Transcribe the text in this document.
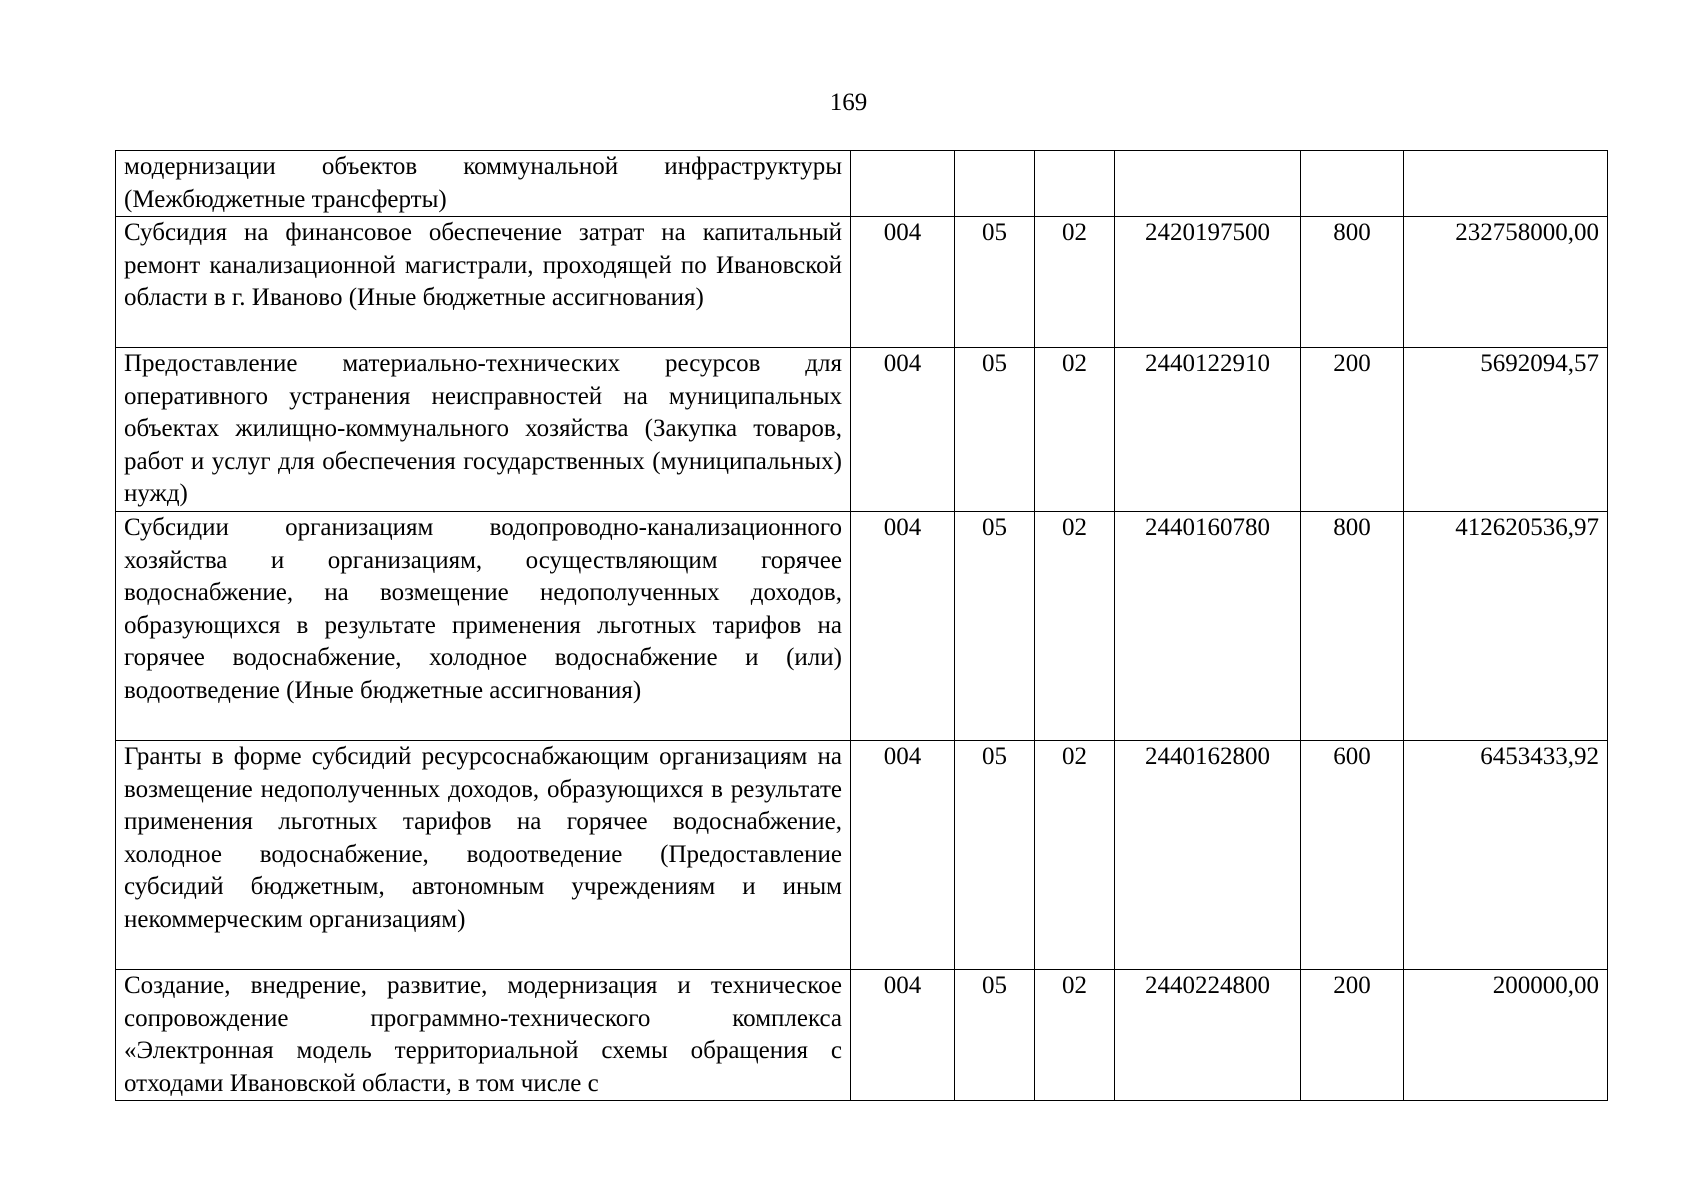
169
модернизации объектов коммунальной инфраструктуры (Межбюджетные трансферты)						
Субсидия на финансовое обеспечение затрат на капитальный ремонт канализационной магистрали, проходящей по Ивановской области в г. Иваново (Иные бюджетные ассигнования)	004	05	02	2420197500	800	232758000,00
Предоставление материально-технических ресурсов для оперативного устранения неисправностей на муниципальных объектах жилищно-коммунального хозяйства (Закупка товаров, работ и услуг для обеспечения государственных (муниципальных) нужд)	004	05	02	2440122910	200	5692094,57
Субсидии организациям водопроводно-канализационного хозяйства и организациям, осуществляющим горячее водоснабжение, на возмещение недополученных доходов, образующихся в результате применения льготных тарифов на горячее водоснабжение, холодное водоснабжение и (или) водоотведение (Иные бюджетные ассигнования)	004	05	02	2440160780	800	412620536,97
Гранты в форме субсидий ресурсоснабжающим организациям на возмещение недополученных доходов, образующихся в результате применения льготных тарифов на горячее водоснабжение, холодное водоснабжение, водоотведение (Предоставление субсидий бюджетным, автономным учреждениям и иным некоммерческим организациям)	004	05	02	2440162800	600	6453433,92
Создание, внедрение, развитие, модернизация и техническое сопровождение программно-технического комплекса «Электронная модель территориальной схемы обращения с отходами Ивановской области, в том числе с	004	05	02	2440224800	200	200000,00
